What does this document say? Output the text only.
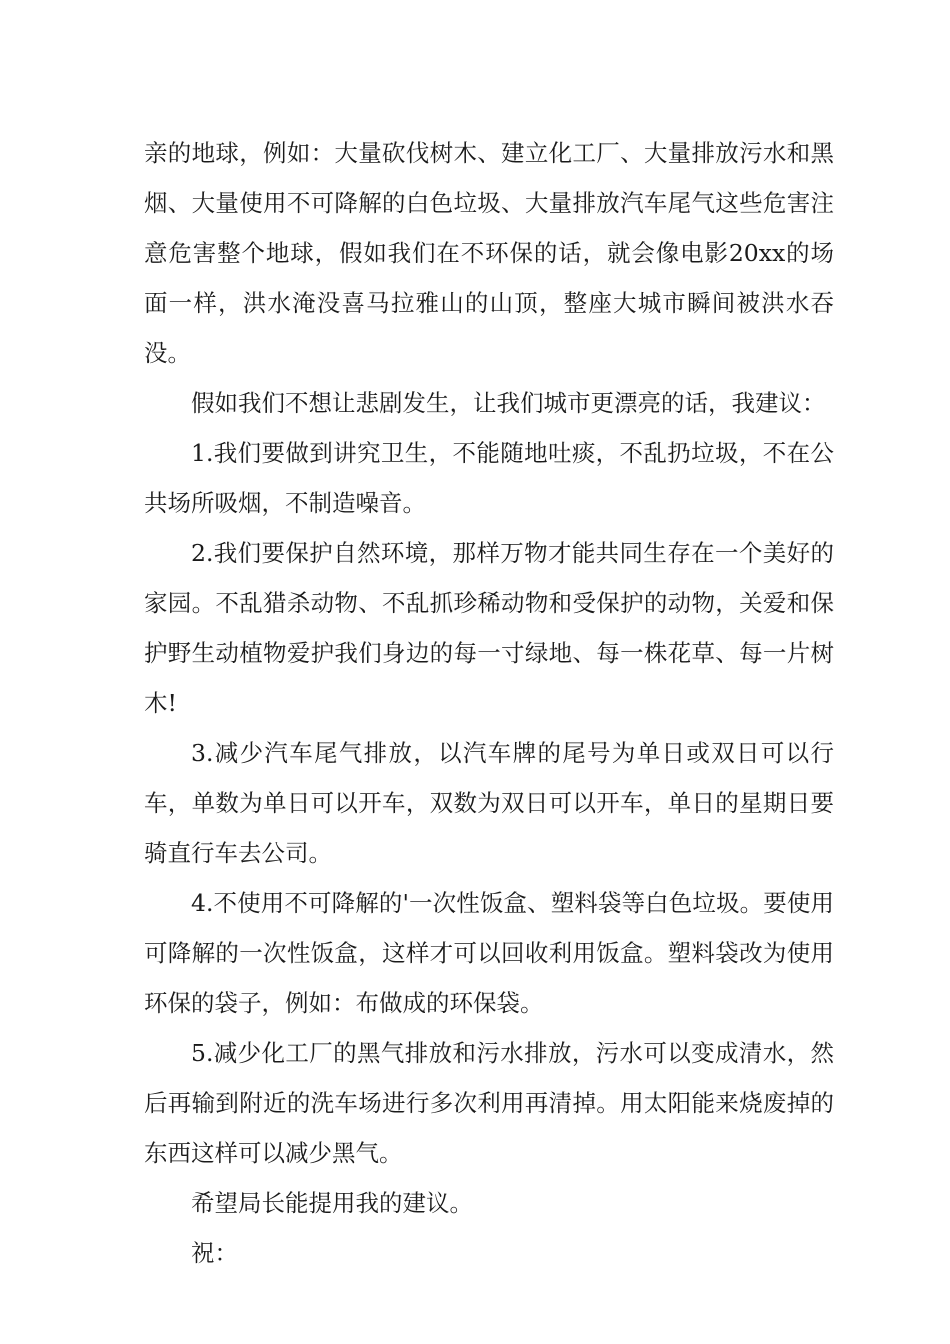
亲的地球，例如：大量砍伐树木、建立化工厂、大量排放污水和黑烟、大量使用不可降解的白色垃圾、大量排放汽车尾气这些危害注意危害整个地球，假如我们在不环保的话，就会像电影20xx的场面一样，洪水淹没喜马拉雅山的山顶，整座大城市瞬间被洪水吞没。

假如我们不想让悲剧发生，让我们城市更漂亮的话，我建议：

1.我们要做到讲究卫生，不能随地吐痰，不乱扔垃圾，不在公共场所吸烟，不制造噪音。

2.我们要保护自然环境，那样万物才能共同生存在一个美好的家园。不乱猎杀动物、不乱抓珍稀动物和受保护的动物，关爱和保护野生动植物爱护我们身边的每一寸绿地、每一株花草、每一片树木!

3.减少汽车尾气排放，以汽车牌的尾号为单日或双日可以行车，单数为单日可以开车，双数为双日可以开车，单日的星期日要骑直行车去公司。

4.不使用不可降解的'一次性饭盒、塑料袋等白色垃圾。要使用可降解的一次性饭盒，这样才可以回收利用饭盒。塑料袋改为使用环保的袋子，例如：布做成的环保袋。

5.减少化工厂的黑气排放和污水排放，污水可以变成清水，然后再输到附近的洗车场进行多次利用再清掉。用太阳能来烧废掉的东西这样可以减少黑气。

希望局长能提用我的建议。

祝：
